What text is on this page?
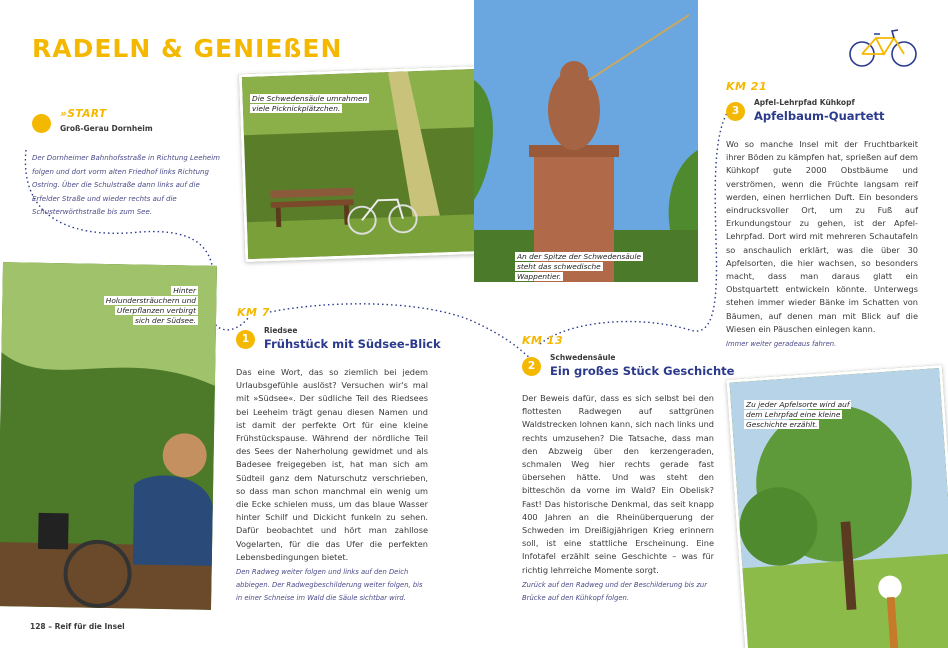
RADELN & GENIEßEN
»START
Groß-Gerau Dornheim
Der Dornheimer Bahnhofsstraße in Richtung Leeheim folgen und dort vorm alten Friedhof links Richtung Ostring. Über die Schulstraße dann links auf die Erfelder Straße und wieder rechts auf die Schusterwörthstraße bis zum See.
Die Schwedensäule umrahmen viele Picknickplätzchen.
An der Spitze der Schwedensäule steht das schwedische Wappentier.
Hinter Holundersträuchern und Uferpflanzen verbirgt sich der Südsee.
Zu jeder Apfelsorte wird auf dem Lehrpfad eine kleine Geschichte erzählt.
KM 7
1
Riedsee
Frühstück mit Südsee-Blick
Das eine Wort, das so ziemlich bei jedem Urlaubsgefühle auslöst? Versuchen wir's mal mit »Südsee«. Der südliche Teil des Riedsees bei Leeheim trägt genau diesen Namen und ist damit der perfekte Ort für eine kleine Frühstückspause. Während der nördliche Teil des Sees der Naherholung gewidmet und als Badesee freigegeben ist, hat man sich am Südteil ganz dem Naturschutz verschrieben, so dass man schon manchmal ein wenig um die Ecke schielen muss, um das blaue Wasser hinter Schilf und Dickicht funkeln zu sehen. Dafür beobachtet und hört man zahllose Vogelarten, für die das Ufer die perfekten Lebensbedingungen bietet.
Den Radweg weiter folgen und links auf den Deich abbiegen. Der Radwegbeschilderung weiter folgen, bis in einer Schneise im Wald die Säule sichtbar wird.
KM 13
2
Schwedensäule
Ein großes Stück Geschichte
Der Beweis dafür, dass es sich selbst bei den flottesten Radwegen auf sattgrünen Waldstrecken lohnen kann, sich nach links und rechts umzusehen? Die Tatsache, dass man den Abzweig über den kerzengeraden, schmalen Weg hier rechts gerade fast übersehen hätte. Und was steht den bitteschön da vorne im Wald? Ein Obelisk? Fast! Das historische Denkmal, das seit knapp 400 Jahren an die Rheinüberquerung der Schweden im Dreißigjährigen Krieg erinnern soll, ist eine stattliche Erscheinung. Eine Infotafel erzählt seine Geschichte – was für richtig lehrreiche Momente sorgt.
Zurück auf den Radweg und der Beschilderung bis zur Brücke auf den Kühkopf folgen.
KM 21
3
Apfel-Lehrpfad Kühkopf
Apfelbaum-Quartett
Wo so manche Insel mit der Fruchtbarkeit ihrer Böden zu kämpfen hat, sprießen auf dem Kühkopf gute 2000 Obstbäume und verströmen, wenn die Früchte langsam reif werden, einen herrlichen Duft. Ein besonders eindrucksvoller Ort, um zu Fuß auf Erkundungstour zu gehen, ist der Apfel-Lehrpfad. Dort wird mit mehreren Schautafeln so anschaulich erklärt, was die über 30 Apfelsorten, die hier wachsen, so besonders macht, dass man daraus glatt ein Obstquartett entwickeln könnte. Unterwegs stehen immer wieder Bänke im Schatten von Bäumen, auf denen man mit Blick auf die Wiesen ein Päuschen einlegen kann.
Immer weiter geradeaus fahren.
128 – Reif für die Insel
